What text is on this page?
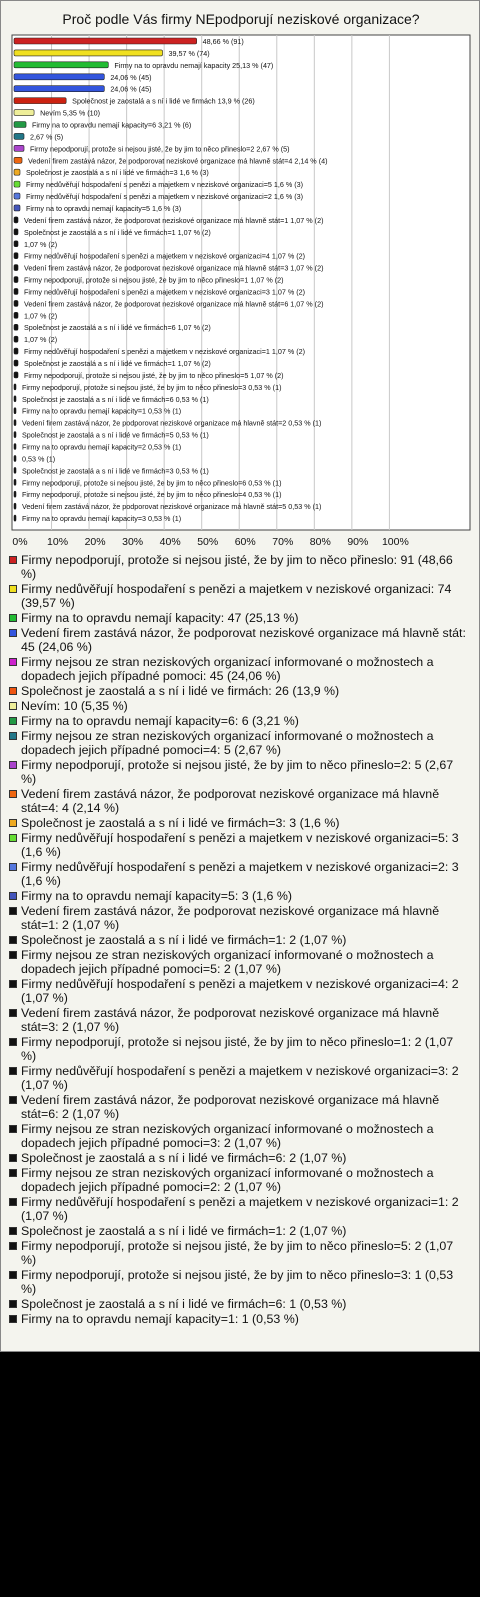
Proč podle Vás firmy NEpodporují neziskové organizace?
0% 10% 20% 30% 40% 50% 60% 70% 80% 90% 100%
48,66 % (91)
39,57 % (74)
Firmy na to opravdu nemají kapacity 25,13 % (47)
24,06 % (45)
24,06 % (45)
Společnost je zaostalá a s ní i lidé ve firmách 13,9 % (26)
Nevím 5,35 % (10)
Firmy na to opravdu nemají kapacity=6 3,21 % (6)
2,67 % (5)
Firmy nepodporují, protože si nejsou jisté, že by jim to něco přineslo=2 2,67 % (5)
Vedení firem zastává názor, že podporovat neziskové organizace má hlavně stát=4 2,14 % (4)
Společnost je zaostalá a s ní i lidé ve firmách=3 1,6 % (3)
Firmy nedůvěřují hospodaření s penězi a majetkem v neziskové organizaci=5 1,6 % (3)
Firmy nedůvěřují hospodaření s penězi a majetkem v neziskové organizaci=2 1,6 % (3)
Firmy na to opravdu nemají kapacity=5 1,6 % (3)
Vedení firem zastává názor, že podporovat neziskové organizace má hlavně stát=1 1,07 % (2)
Společnost je zaostalá a s ní i lidé ve firmách=1 1,07 % (2)
1,07 % (2)
Firmy nedůvěřují hospodaření s penězi a majetkem v neziskové organizaci=4 1,07 % (2)
Vedení firem zastává názor, že podporovat neziskové organizace má hlavně stát=3 1,07 % (2)
Firmy nepodporují, protože si nejsou jisté, že by jim to něco přineslo=1 1,07 % (2)
Firmy nedůvěřují hospodaření s penězi a majetkem v neziskové organizaci=3 1,07 % (2)
Vedení firem zastává názor, že podporovat neziskové organizace má hlavně stát=6 1,07 % (2)
1,07 % (2)
Společnost je zaostalá a s ní i lidé ve firmách=6 1,07 % (2)
1,07 % (2)
Firmy nedůvěřují hospodaření s penězi a majetkem v neziskové organizaci=1 1,07 % (2)
Společnost je zaostalá a s ní i lidé ve firmách=1 1,07 % (2)
Firmy nepodporují, protože si nejsou jisté, že by jim to něco přineslo=5 1,07 % (2)
Firmy nepodporují, protože si nejsou jisté, že by jim to něco přineslo=3 0,53 % (1)
Společnost je zaostalá a s ní i lidé ve firmách=6 0,53 % (1)
Firmy na to opravdu nemají kapacity=1 0,53 % (1)
Vedení firem zastává názor, že podporovat neziskové organizace má hlavně stát=2 0,53 % (1)
Společnost je zaostalá a s ní i lidé ve firmách=5 0,53 % (1)
Firmy na to opravdu nemají kapacity=2 0,53 % (1)
0,53 % (1)
Společnost je zaostalá a s ní i lidé ve firmách=3 0,53 % (1)
Firmy nepodporují, protože si nejsou jisté, že by jim to něco přineslo=6 0,53 % (1)
Firmy nepodporují, protože si nejsou jisté, že by jim to něco přineslo=4 0,53 % (1)
Vedení firem zastává názor, že podporovat neziskové organizace má hlavně stát=5 0,53 % (1)
Firmy na to opravdu nemají kapacity=3 0,53 % (1)
Firmy nepodporují, protože si nejsou jisté, že by jim to něco přineslo: 91 (48,66 %)
Firmy nedůvěřují hospodaření s penězi a majetkem v neziskové organizaci: 74 (39,57 %)
Firmy na to opravdu nemají kapacity: 47 (25,13 %)
Vedení firem zastává názor, že podporovat neziskové organizace má hlavně stát: 45 (24,06 %)
Firmy nejsou ze stran neziskových organizací informované o možnostech a dopadech jejich případné pomoci: 45 (24,06 %)
Společnost je zaostalá a s ní i lidé ve firmách: 26 (13,9 %)
Nevím: 10 (5,35 %)
Firmy na to opravdu nemají kapacity=6: 6 (3,21 %)
Firmy nejsou ze stran neziskových organizací informované o možnostech a dopadech jejich případné pomoci=4: 5 (2,67 %)
Firmy nepodporují, protože si nejsou jisté, že by jim to něco přineslo=2: 5 (2,67 %)
Vedení firem zastává názor, že podporovat neziskové organizace má hlavně stát=4: 4 (2,14 %)
Společnost je zaostalá a s ní i lidé ve firmách=3: 3 (1,6 %)
Firmy nedůvěřují hospodaření s penězi a majetkem v neziskové organizaci=5: 3 (1,6 %)
Firmy nedůvěřují hospodaření s penězi a majetkem v neziskové organizaci=2: 3 (1,6 %)
Firmy na to opravdu nemají kapacity=5: 3 (1,6 %)
Vedení firem zastává názor, že podporovat neziskové organizace má hlavně stát=1: 2 (1,07 %)
Společnost je zaostalá a s ní i lidé ve firmách=1: 2 (1,07 %)
Firmy nejsou ze stran neziskových organizací informované o možnostech a dopadech jejich případné pomoci=5: 2 (1,07 %)
Firmy nedůvěřují hospodaření s penězi a majetkem v neziskové organizaci=4: 2 (1,07 %)
Vedení firem zastává názor, že podporovat neziskové organizace má hlavně stát=3: 2 (1,07 %)
Firmy nepodporují, protože si nejsou jisté, že by jim to něco přineslo=1: 2 (1,07 %)
Firmy nedůvěřují hospodaření s penězi a majetkem v neziskové organizaci=3: 2 (1,07 %)
Vedení firem zastává názor, že podporovat neziskové organizace má hlavně stát=6: 2 (1,07 %)
Firmy nejsou ze stran neziskových organizací informované o možnostech a dopadech jejich případné pomoci=3: 2 (1,07 %)
Společnost je zaostalá a s ní i lidé ve firmách=6: 2 (1,07 %)
Firmy nejsou ze stran neziskových organizací informované o možnostech a dopadech jejich případné pomoci=2: 2 (1,07 %)
Firmy nedůvěřují hospodaření s penězi a majetkem v neziskové organizaci=1: 2 (1,07 %)
Společnost je zaostalá a s ní i lidé ve firmách=1: 2 (1,07 %)
Firmy nepodporují, protože si nejsou jisté, že by jim to něco přineslo=5: 2 (1,07 %)
Firmy nepodporují, protože si nejsou jisté, že by jim to něco přineslo=3: 1 (0,53 %)
Společnost je zaostalá a s ní i lidé ve firmách=6: 1 (0,53 %)
Firmy na to opravdu nemají kapacity=1: 1 (0,53 %)
